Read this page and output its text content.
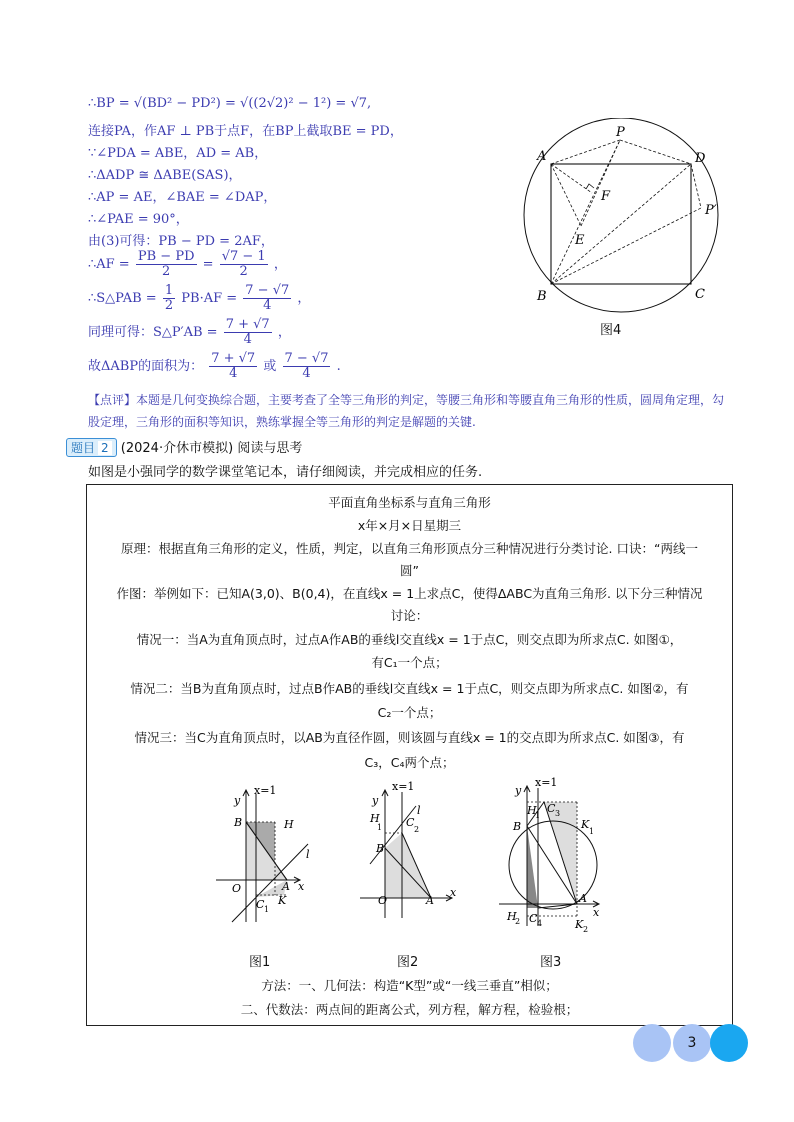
∴BP = √(BD² − PD²) = √((2√2)² − 1²) = √7,
连接PA，作AF ⊥ PB于点F，在BP上截取BE = PD，
∵∠PDA = ABE，AD = AB，
∴ΔADP ≅ ΔABE(SAS)，
∴AP = AE，∠BAE = ∠DAP，
∴∠PAE = 90°，
由(3)可得：PB − PD = 2AF，
∴AF = $\frac{PB - PD}{2} = \frac{√7 - 1}{2}$ ，
∴S△PAB = $\frac{1}{2} PB\cdot AF = \frac{7 - √7}{4}$ ，
同理可得：S△P′AB = $\frac{7 + √7}{4}$ ，
故ΔABP的面积为： $\frac{7 + √7}{4}$ 或 $\frac{7 - √7}{4}$ .
A
P
D
P′
F
E
B	C
图4
【点评】本题是几何变换综合题，主要考查了全等三角形的判定，等腰三角形和等腰直角三角形的性质，圆周角定理，勾股定理，三角形的面积等知识，熟练掌握全等三角形的判定是解题的关键.
题目 2 (2024·介休市模拟) 阅读与思考
如图是小强同学的数学课堂笔记本，请仔细阅读，并完成相应的任务.
平面直角坐标系与直角三角形
x年×月×日星期三
原理：根据直角三角形的定义，性质，判定，以直角三角形顶点分三种情况进行分类讨论. 口诀：“两线一
圆”
作图：举例如下：已知A(3,0)、B(0,4)，在直线x = 1上求点C，使得ΔABC为直角三角形. 以下分三种情况
讨论：
情况一：当A为直角顶点时，过点A作AB的垂线l交直线x = 1于点C，则交点即为所求点C. 如图①，
有C₁一个点；
情况二：当B为直角顶点时，过点B作AB的垂线l交直线x = 1于点C，则交点即为所求点C. 如图②，有
C₂一个点；
情况三：当C为直角顶点时，以AB为直径作圆，则该圆与直线x = 1的交点即为所求点C. 如图③，有
C₃，C₄两个点；
方法：一、几何法：构造“K型”或“一线三垂直”相似；
二、代数法：两点间的距离公式，列方程，解方程，检验根；
x=1
y
B	H
l
O	A x
K
C 1
x=1
y
l
H
1 C
2
B
O	A
x
x=1
y
H
1
C 3
K
1
B
A
x
H
2 C 4	K 2
图1	图2	图3
3
